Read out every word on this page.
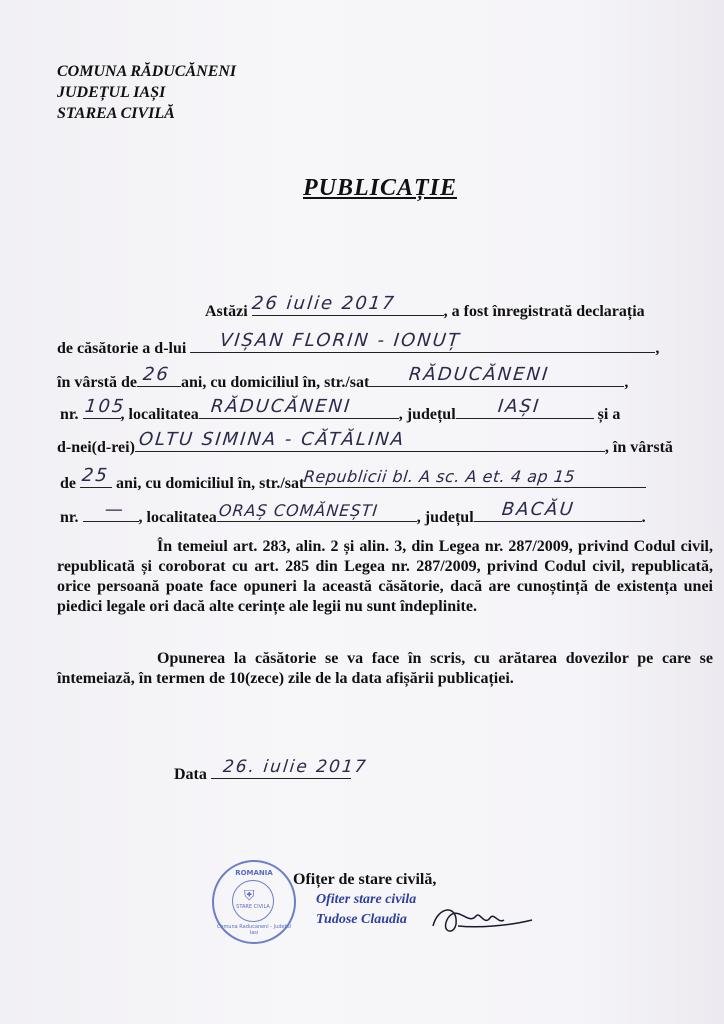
COMUNA RĂDUCĂNENI
JUDEȚUL IAȘI
STAREA CIVILĂ
PUBLICAȚIE
Astăzi 26 iulie 2017	, a fost înregistrată declarația
de căsătorie a d-lui VIȘAN FLORIN - IONUȚ	,
în vârstă de 26 ani, cu domiciliul în, str./sat RĂDUCĂNENI	,
nr. 105
, localitatea RĂDUCĂNENI	, județul IAȘI	și a
d-nei(d-rei) OLTU SIMINA - CĂTĂLINA	, în vârstă
de 25 ani, cu domiciliul în, str./sat Republicii bl. A sc. A et. 4 ap 15
nr. — , localitatea ORAȘ COMĂNEȘTI , județul BACĂU	.
În temeiul art. 283, alin. 2 și alin. 3, din Legea nr. 287/2009, privind Codul civil, republicată și coroborat cu art. 285 din Legea nr. 287/2009, privind Codul civil, republicată, orice persoană poate face opuneri la această căsătorie, dacă are cunoștință de existența unei piedici legale ori dacă alte cerințe ale legii nu sunt îndeplinite.
Opunerea la căsătorie se va face în scris, cu arătarea dovezilor pe care se întemeiază, în termen de 10(zece) zile de la data afișării publicației.
Data 26. iulie 2017
ROMANIA
⛨
STARE CIVILA
Comuna Raducaneni - Judetul Iasi
Ofițer de stare civilă,
Ofiter stare civila
Tudose Claudia
